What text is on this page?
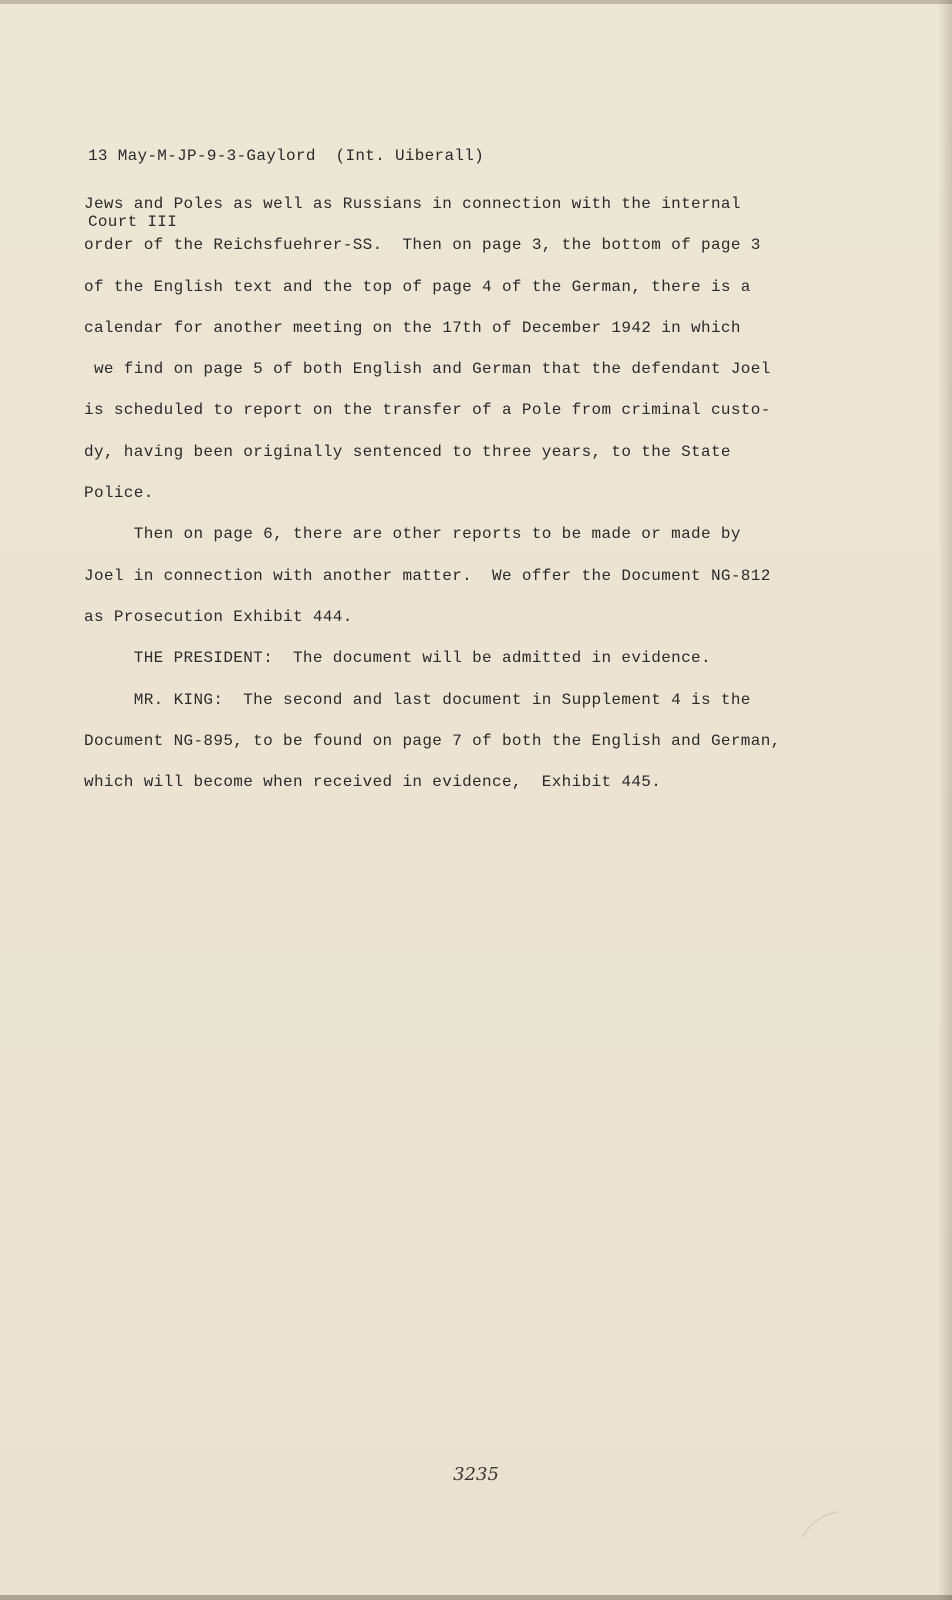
13 May-M-JP-9-3-Gaylord  (Int. Uiberall)

Court III

Jews and Poles as well as Russians in connection with the internal
order of the Reichsfuehrer-SS.  Then on page 3, the bottom of page 3
of the English text and the top of page 4 of the German, there is a
calendar for another meeting on the 17th of December 1942 in which
we find on page 5 of both English and German that the defendant Joel
is scheduled to report on the transfer of a Pole from criminal custo-
dy, having been originally sentenced to three years, to the State
Police.
Then on page 6, there are other reports to be made or made by
Joel in connection with another matter.  We offer the Document NG-812
as Prosecution Exhibit 444.
THE PRESIDENT:  The document will be admitted in evidence.
MR. KING:  The second and last document in Supplement 4 is the
Document NG-895, to be found on page 7 of both the English and German,
which will become when received in evidence,  Exhibit 445.
3235
